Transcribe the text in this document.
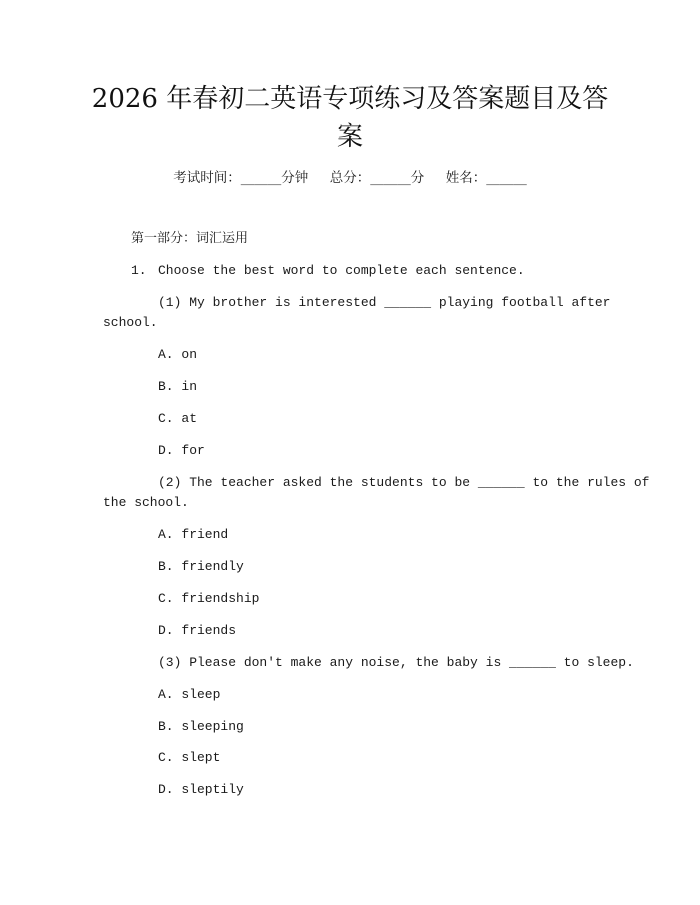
2026 年春初二英语专项练习及答案题目及答
案
考试时间：______分钟     总分：______分     姓名：______
第一部分：词汇运用
1. Choose the best word to complete each sentence.
(1) My brother is interested ______ playing football after
school.
A. on
B. in
C. at
D. for
(2) The teacher asked the students to be ______ to the rules of
the school.
A. friend
B. friendly
C. friendship
D. friends
(3) Please don't make any noise, the baby is ______ to sleep.
A. sleep
B. sleeping
C. slept
D. sleptily
